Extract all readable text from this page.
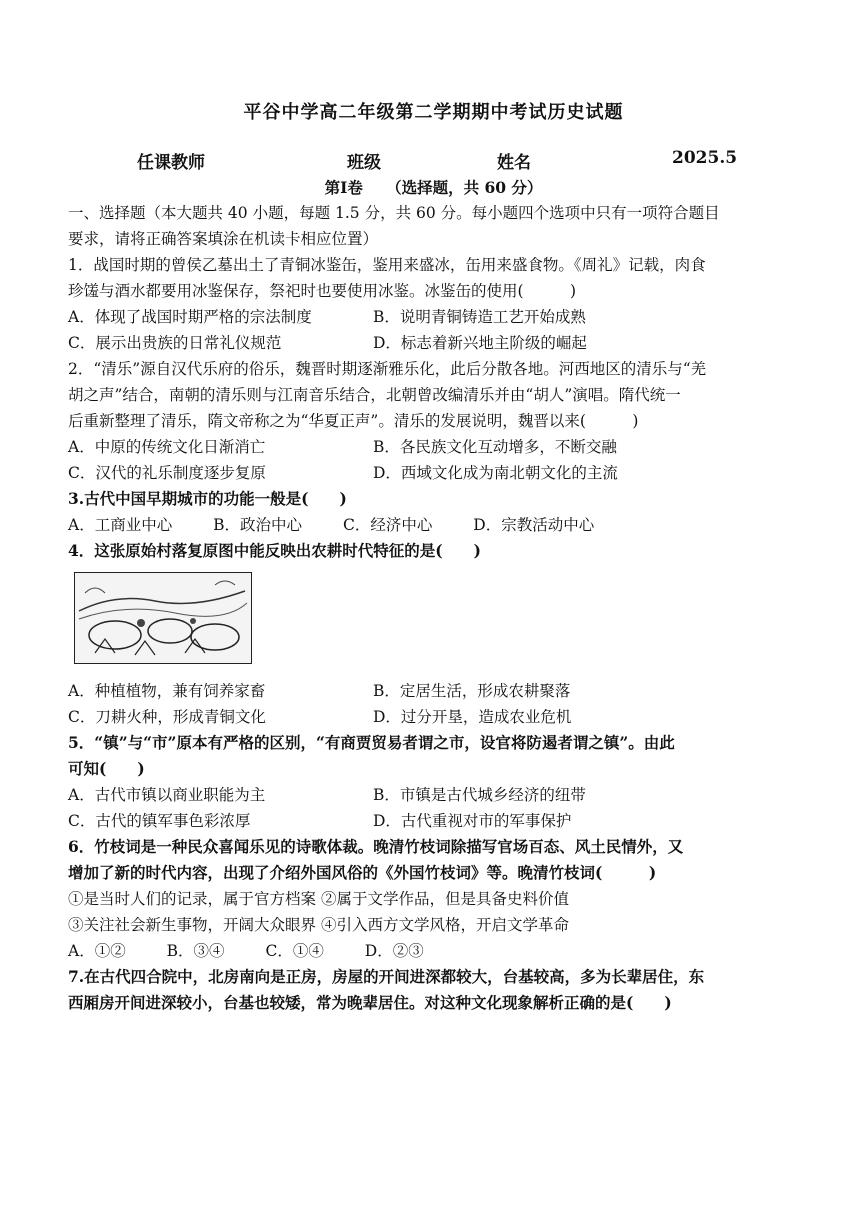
平谷中学高二年级第二学期期中考试历史试题
任课教师	班级	姓名	2025.5
第Ⅰ卷　　（选择题，共 60 分）

一、选择题（本大题共 40 小题，每题 1.5 分，共 60 分。每小题四个选项中只有一项符合题目

要求，请将正确答案填涂在机读卡相应位置）

1．战国时期的曾侯乙墓出土了青铜冰鉴缶，鉴用来盛冰，缶用来盛食物。《周礼》记载，肉食

珍馐与酒水都要用冰鉴保存，祭祀时也要使用冰鉴。冰鉴缶的使用(　　　)

A．体现了战国时期严格的宗法制度	B．说明青铜铸造工艺开始成熟
C．展示出贵族的日常礼仪规范	D．标志着新兴地主阶级的崛起

2．“清乐”源自汉代乐府的俗乐，魏晋时期逐渐雅乐化，此后分散各地。河西地区的清乐与“羌

胡之声”结合，南朝的清乐则与江南音乐结合，北朝曾改编清乐并由“胡人”演唱。隋代统一

后重新整理了清乐，隋文帝称之为“华夏正声”。清乐的发展说明，魏晋以来(　　　)

A．中原的传统文化日渐消亡	B．各民族文化互动增多，不断交融
C．汉代的礼乐制度逐步复原	D．西域文化成为南北朝文化的主流

3.古代中国早期城市的功能一般是(　　)

A．工商业中心	B．政治中心	C．经济中心	D．宗教活动中心

4．这张原始村落复原图中能反映出农耕时代特征的是(　　)

A．种植植物，兼有饲养家畜	B．定居生活，形成农耕聚落
C．刀耕火种，形成青铜文化	D．过分开垦，造成农业危机

5．“镇”与“市”原本有严格的区别，“有商贾贸易者谓之市，设官将防遏者谓之镇”。由此

可知(　　)

A．古代市镇以商业职能为主	B．市镇是古代城乡经济的纽带
C．古代的镇军事色彩浓厚	D．古代重视对市的军事保护

6．竹枝词是一种民众喜闻乐见的诗歌体裁。晚清竹枝词除描写官场百态、风土民情外，又

增加了新的时代内容，出现了介绍外国风俗的《外国竹枝词》等。晚清竹枝词(　　　)

①是当时人们的记录，属于官方档案 ②属于文学作品，但是具备史料价值
③关注社会新生事物，开阔大众眼界 ④引入西方文学风格，开启文学革命
A．①②	B．③④	C．①④	D．②③

7.在古代四合院中，北房南向是正房，房屋的开间进深都较大，台基较高，多为长辈居住，东

西厢房开间进深较小，台基也较矮，常为晚辈居住。对这种文化现象解析正确的是(　　)
